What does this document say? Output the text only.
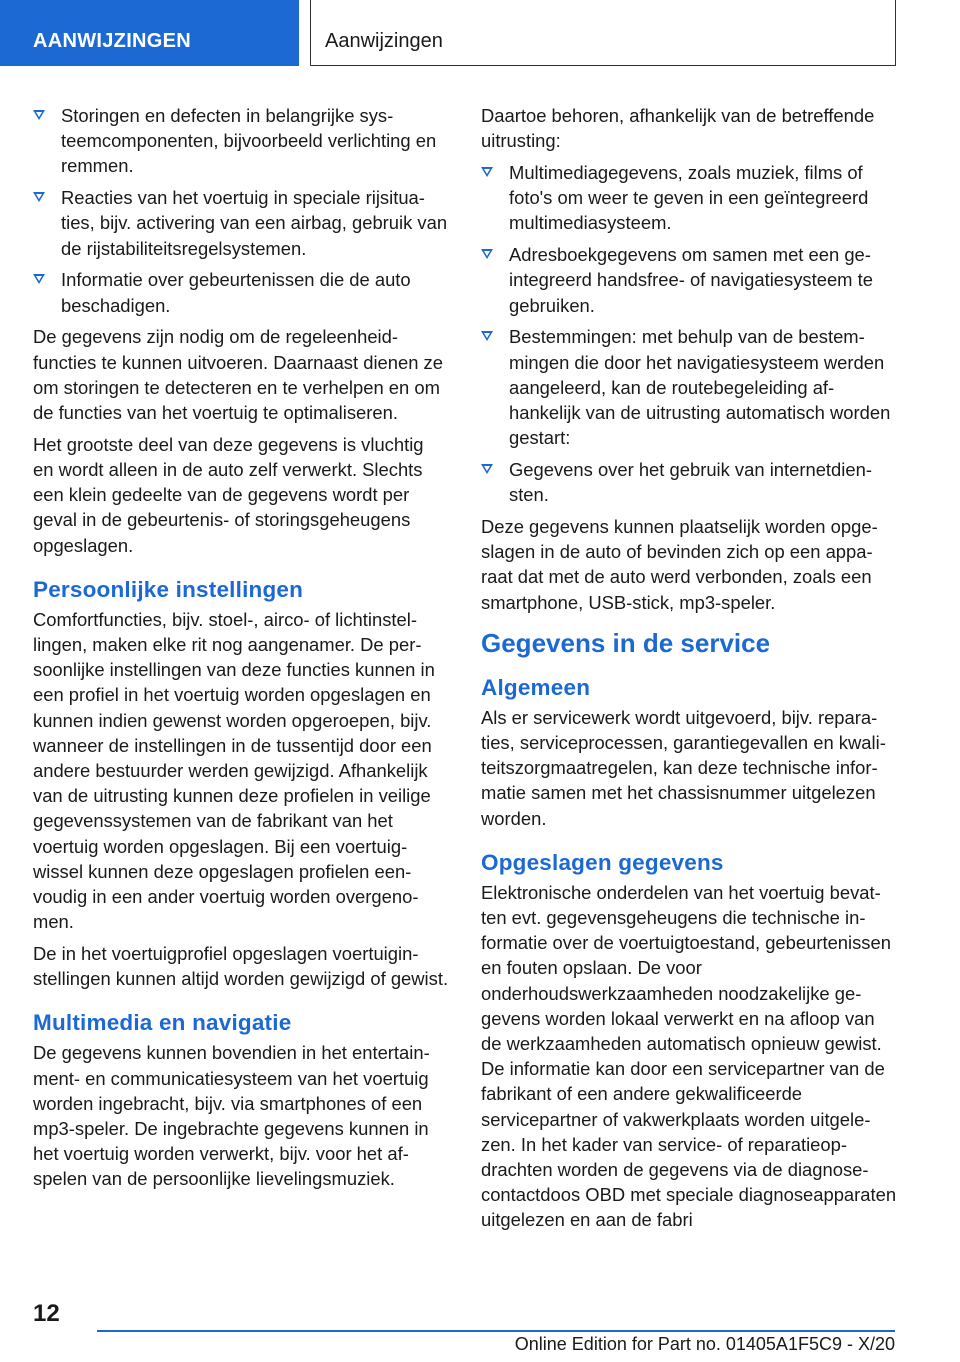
AANWIJZINGEN	Aanwijzingen
Storingen en defecten in belangrijke systeemcomponenten, bijvoorbeeld verlichting en remmen.
Reacties van het voertuig in speciale rijsituaties, bijv. activering van een airbag, gebruik van de rijstabiliteitsregelsystemen.
Informatie over gebeurtenissen die de auto beschadigen.

De gegevens zijn nodig om de regeleenheidfuncties te kunnen uitvoeren. Daarnaast dienen ze om storingen te detecteren en te verhelpen en om de functies van het voertuig te optimaliseren.

Het grootste deel van deze gegevens is vluchtig en wordt alleen in de auto zelf verwerkt. Slechts een klein gedeelte van de gegevens wordt per geval in de gebeurtenis- of storingsgeheugens opgeslagen.

Persoonlijke instellingen

Comfortfuncties, bijv. stoel-, airco- of lichtinstellingen, maken elke rit nog aangenamer. De persoonlijke instellingen van deze functies kunnen in een profiel in het voertuig worden opgeslagen en kunnen indien gewenst worden opgeroepen, bijv. wanneer de instellingen in de tussentijd door een andere bestuurder werden gewijzigd. Afhankelijk van de uitrusting kunnen deze profielen in veilige gegevenssystemen van de fabrikant van het voertuig worden opgeslagen. Bij een voertuigwissel kunnen deze opgeslagen profielen eenvoudig in een ander voertuig worden overgenomen.

De in het voertuigprofiel opgeslagen voertuiginstellingen kunnen altijd worden gewijzigd of gewist.

Multimedia en navigatie

De gegevens kunnen bovendien in het entertainment- en communicatiesysteem van het voertuig worden ingebracht, bijv. via smartphones of een mp3-speler. De ingebrachte gegevens kunnen in het voertuig worden verwerkt, bijv. voor het afspelen van de persoonlijke lievelingsmuziek.

Daartoe behoren, afhankelijk van de betreffende uitrusting:

Multimediagegevens, zoals muziek, films of foto's om weer te geven in een geïntegreerd multimediasysteem.
Adresboekgegevens om samen met een geintegreerd handsfree- of navigatiesysteem te gebruiken.
Bestemmingen: met behulp van de bestemmingen die door het navigatiesysteem werden aangeleerd, kan de routebegeleiding afhankelijk van de uitrusting automatisch worden gestart:
Gegevens over het gebruik van internetdiensten.

Deze gegevens kunnen plaatselijk worden opgeslagen in de auto of bevinden zich op een apparaat dat met de auto werd verbonden, zoals een smartphone, USB-stick, mp3-speler.

Gegevens in de service
Algemeen

Als er servicewerk wordt uitgevoerd, bijv. reparaties, serviceprocessen, garantiegevallen en kwaliteitszorgmaatregelen, kan deze technische informatie samen met het chassisnummer uitgelezen worden.

Opgeslagen gegevens

Elektronische onderdelen van het voertuig bevatten evt. gegevensgeheugens die technische informatie over de voertuigtoestand, gebeurtenissen en fouten opslaan. De voor onderhoudswerkzaamheden noodzakelijke gegevens worden lokaal verwerkt en na afloop van de werkzaamheden automatisch opnieuw gewist. De informatie kan door een servicepartner van de fabrikant of een andere gekwalificeerde servicepartner of vakwerkplaats worden uitgelezen. In het kader van service- of reparatieopdrachten worden de gegevens via de diagnosecontactdoos OBD met speciale diagnoseapparaten uitgelezen en aan de fabri

12
Online Edition for Part no. 01405A1F5C9 - X/20
